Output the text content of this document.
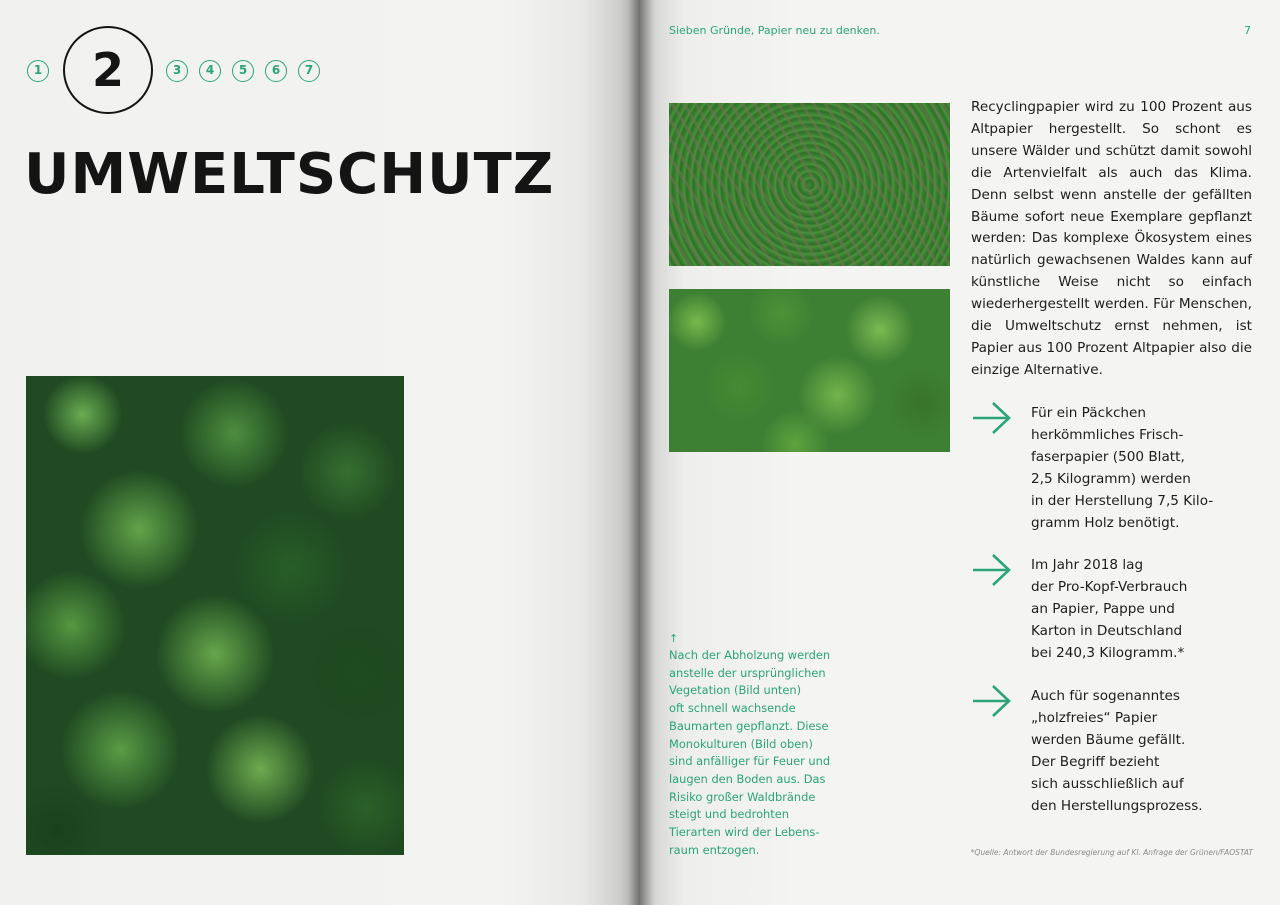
1	2	3	4	5	6	7
UMWELTSCHUTZ
Sieben Gründe, Papier neu zu denken.	7

Recyclingpapier wird zu 100 Prozent aus Altpapier hergestellt. So schont es unsere Wälder und schützt damit sowohl die Artenvielfalt als auch das Klima. Denn selbst wenn anstelle der gefällten Bäume sofort neue Exemplare gepflanzt werden: Das komplexe Ökosystem eines natürlich gewachsenen Waldes kann auf künstliche Weise nicht so einfach wiederhergestellt werden. Für Menschen, die Umweltschutz ernst nehmen, ist Papier aus 100 Prozent Altpapier also die einzige Alternative.

Für ein Päckchen
herkömmliches Frisch-
faserpapier (500 Blatt,
2,5 Kilogramm) werden
in der Herstellung 7,5 Kilo-
gramm Holz benötigt.

Im Jahr 2018 lag
der Pro-Kopf-Verbrauch
an Papier, Pappe und
Karton in Deutschland
bei 240,3 Kilogramm.*

Auch für sogenanntes
„holzfreies“ Papier
werden Bäume gefällt.
Der Begriff bezieht
sich ausschließlich auf
den Herstellungsprozess.

↑

Nach der Abholzung werden
anstelle der ursprünglichen
Vegetation (Bild unten)
oft schnell wachsende
Baumarten gepflanzt. Diese
Monokulturen (Bild oben)
sind anfälliger für Feuer und
laugen den Boden aus. Das
Risiko großer Waldbrände
steigt und bedrohten
Tierarten wird der Lebens-
raum entzogen.	*Quelle: Antwort der Bundesregierung auf Kl. Anfrage der Grünen/FAOSTAT
